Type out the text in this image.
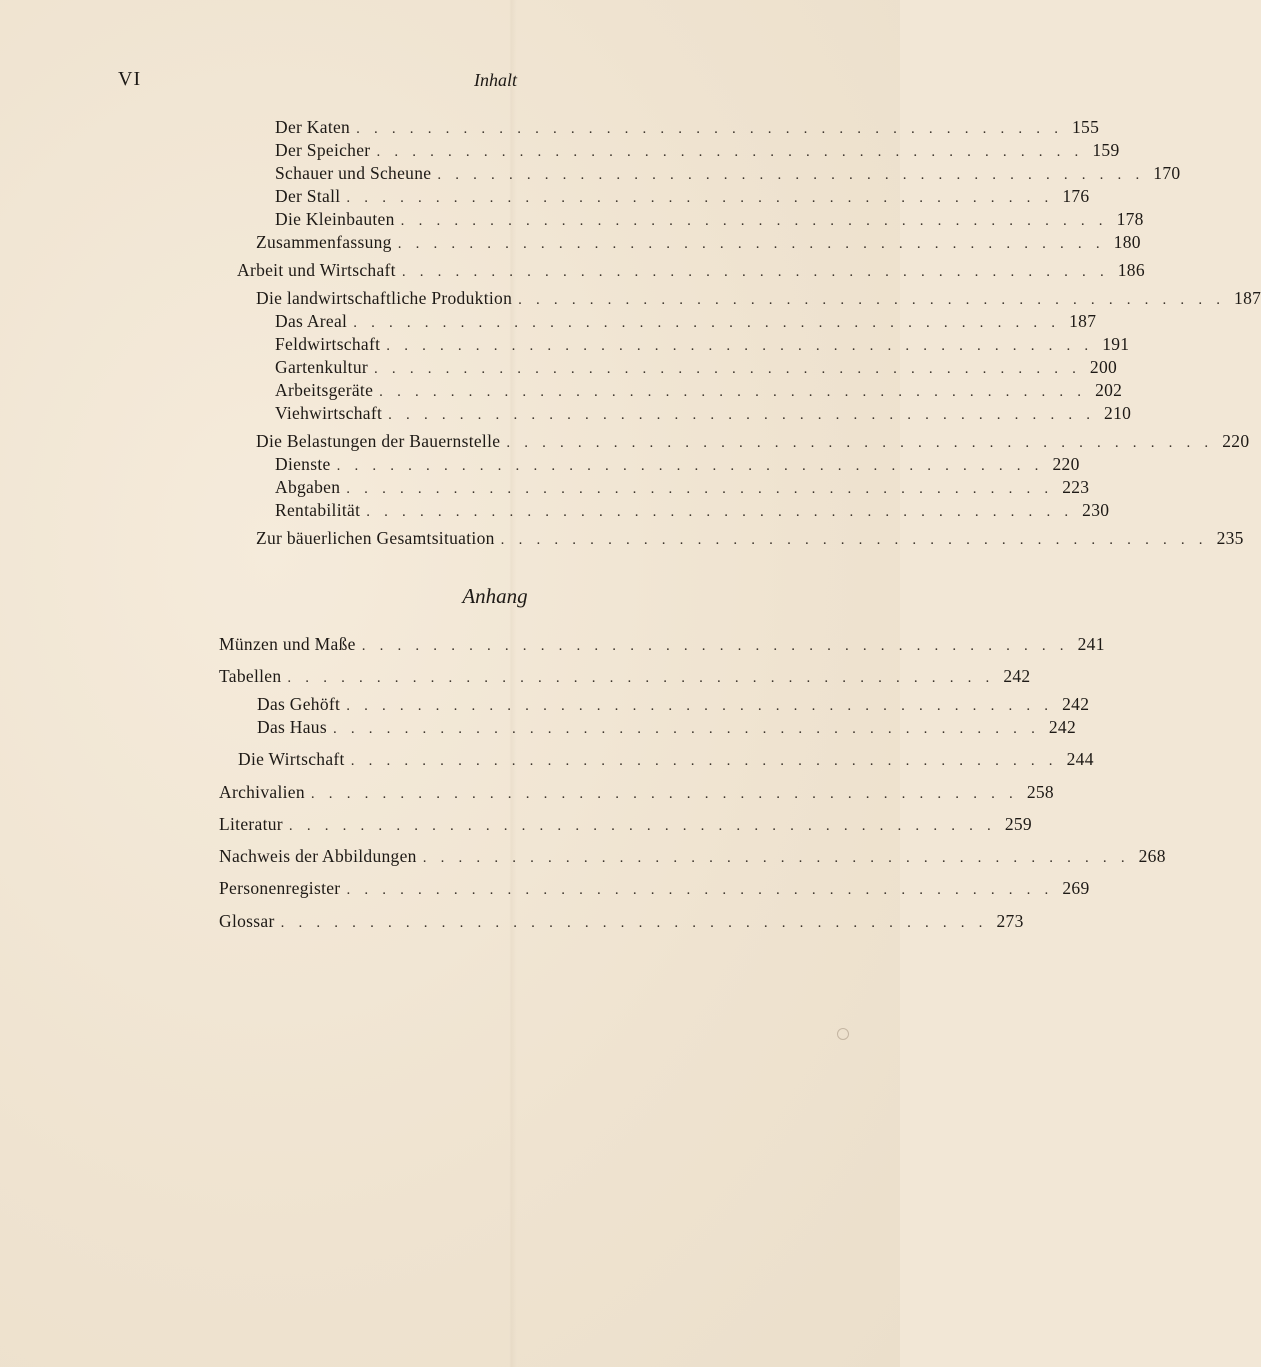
VI	Inhalt
Der Katen . . . . . . . . . . . . . . . . . . . . . . . . . . . . . . . . . . . . . . . . 155
Der Speicher . . . . . . . . . . . . . . . . . . . . . . . . . . . . . . . . . . . . . . . . 159
Schauer und Scheune . . . . . . . . . . . . . . . . . . . . . . . . . . . . . . . . . . . . . . . . 170
Der Stall . . . . . . . . . . . . . . . . . . . . . . . . . . . . . . . . . . . . . . . . 176
Die Kleinbauten . . . . . . . . . . . . . . . . . . . . . . . . . . . . . . . . . . . . . . . . 178
Zusammenfassung . . . . . . . . . . . . . . . . . . . . . . . . . . . . . . . . . . . . . . . . 180
Arbeit und Wirtschaft . . . . . . . . . . . . . . . . . . . . . . . . . . . . . . . . . . . . . . . . 186
Die landwirtschaftliche Produktion . . . . . . . . . . . . . . . . . . . . . . . . . . . . . . . . . . . . . . . . 187
Das Areal . . . . . . . . . . . . . . . . . . . . . . . . . . . . . . . . . . . . . . . . 187
Feldwirtschaft . . . . . . . . . . . . . . . . . . . . . . . . . . . . . . . . . . . . . . . . 191
Gartenkultur . . . . . . . . . . . . . . . . . . . . . . . . . . . . . . . . . . . . . . . . 200
Arbeitsgeräte . . . . . . . . . . . . . . . . . . . . . . . . . . . . . . . . . . . . . . . . 202
Viehwirtschaft . . . . . . . . . . . . . . . . . . . . . . . . . . . . . . . . . . . . . . . . 210
Die Belastungen der Bauernstelle . . . . . . . . . . . . . . . . . . . . . . . . . . . . . . . . . . . . . . . . 220
Dienste . . . . . . . . . . . . . . . . . . . . . . . . . . . . . . . . . . . . . . . . 220
Abgaben . . . . . . . . . . . . . . . . . . . . . . . . . . . . . . . . . . . . . . . . 223
Rentabilität . . . . . . . . . . . . . . . . . . . . . . . . . . . . . . . . . . . . . . . . 230
Zur bäuerlichen Gesamtsituation . . . . . . . . . . . . . . . . . . . . . . . . . . . . . . . . . . . . . . . . 235
Anhang
Münzen und Maße . . . . . . . . . . . . . . . . . . . . . . . . . . . . . . . . . . . . . . . . 241
Tabellen . . . . . . . . . . . . . . . . . . . . . . . . . . . . . . . . . . . . . . . . 242
Das Gehöft . . . . . . . . . . . . . . . . . . . . . . . . . . . . . . . . . . . . . . . . 242
Das Haus . . . . . . . . . . . . . . . . . . . . . . . . . . . . . . . . . . . . . . . . 242
Die Wirtschaft . . . . . . . . . . . . . . . . . . . . . . . . . . . . . . . . . . . . . . . . 244
Archivalien . . . . . . . . . . . . . . . . . . . . . . . . . . . . . . . . . . . . . . . . 258
Literatur . . . . . . . . . . . . . . . . . . . . . . . . . . . . . . . . . . . . . . . . 259
Nachweis der Abbildungen . . . . . . . . . . . . . . . . . . . . . . . . . . . . . . . . . . . . . . . . 268
Personenregister . . . . . . . . . . . . . . . . . . . . . . . . . . . . . . . . . . . . . . . . 269
Glossar . . . . . . . . . . . . . . . . . . . . . . . . . . . . . . . . . . . . . . . . 273
